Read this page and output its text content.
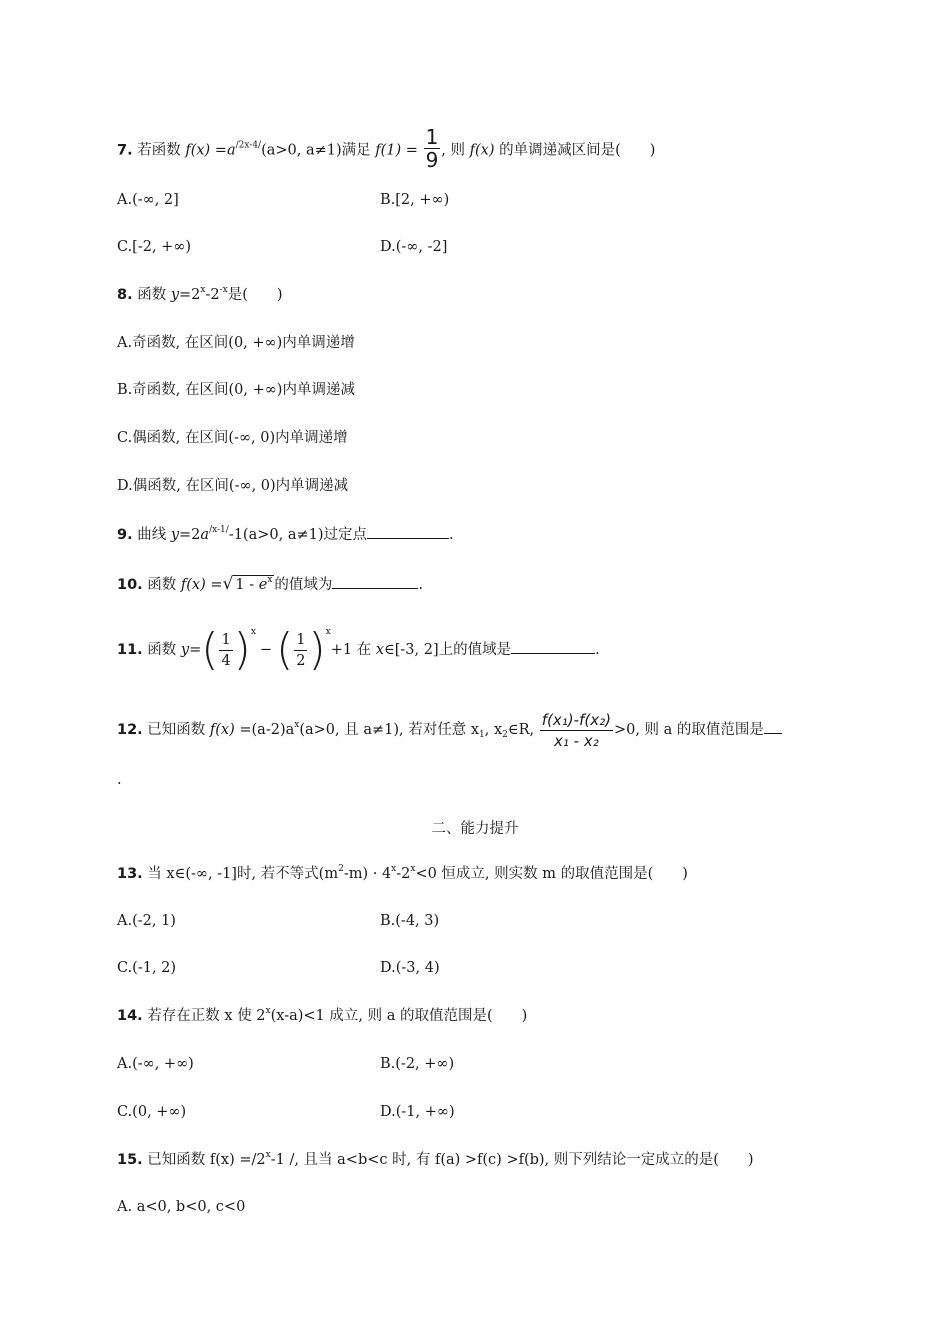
7. 若函数 $f(x) =a^{/2x-4/}(a>0$, a≠1)满足 $f(1) = \frac{1}{9}$ , 则 f(x) 的单调递减区间是(　　)
A.(-∞, 2]	B.[2, +∞)
C.[-2, +∞)	D.(-∞, -2]
8. 函数 $y=2^x-2^{-x}$是(　　)
A.奇函数, 在区间(0, +∞)内单调递增
B.奇函数, 在区间(0, +∞)内单调递减
C.偶函数, 在区间(-∞, 0)内单调递增
D.偶函数, 在区间(-∞, 0)内单调递减
9. 曲线 $y=2a^{/x-1/}-1(a>0$, a≠1)过定点	.
10. 函数 f(x) =√ $1 - e^x$ 的值域为	.
11. 函数 $y=( \frac{1}{4} )^x-( \frac{1}{2} )^x+1$ 在 x∈[-3, 2]上的值域是	.
12. 已知函数 $f(x) =(a-2)a^x(a>0$, 且 a≠1), 若对任意 $x_1$, $x_2\in R$, $\frac{\text{f(x₁)-f(x₂)}}{\text{x₁ - x₂}} >0$, 则 a 的取值范围是
.
二、能力提升
13. 当 x∈(-∞, -1]时, 若不等式$(m^2-m) \cdot 4^x-2^x<0$ 恒成立, 则实数 m 的取值范围是(　　)
A.(-2, 1)	B.(-4, 3)
C.(-1, 2)	D.(-3, 4)
14. 若存在正数 x 使 $2^x(x-a)<1$ 成立, 则 a 的取值范围是(　　)
A.(-∞, +∞)	B.(-2, +∞)
C.(0, +∞)	D.(-1, +∞)
15. 已知函数 $f(x) =/2^x-1$ /, 且当 a<b<c 时, 有 f(a) >f(c) >f(b), 则下列结论一定成立的是(　　)
A. a<0, b<0, c<0
